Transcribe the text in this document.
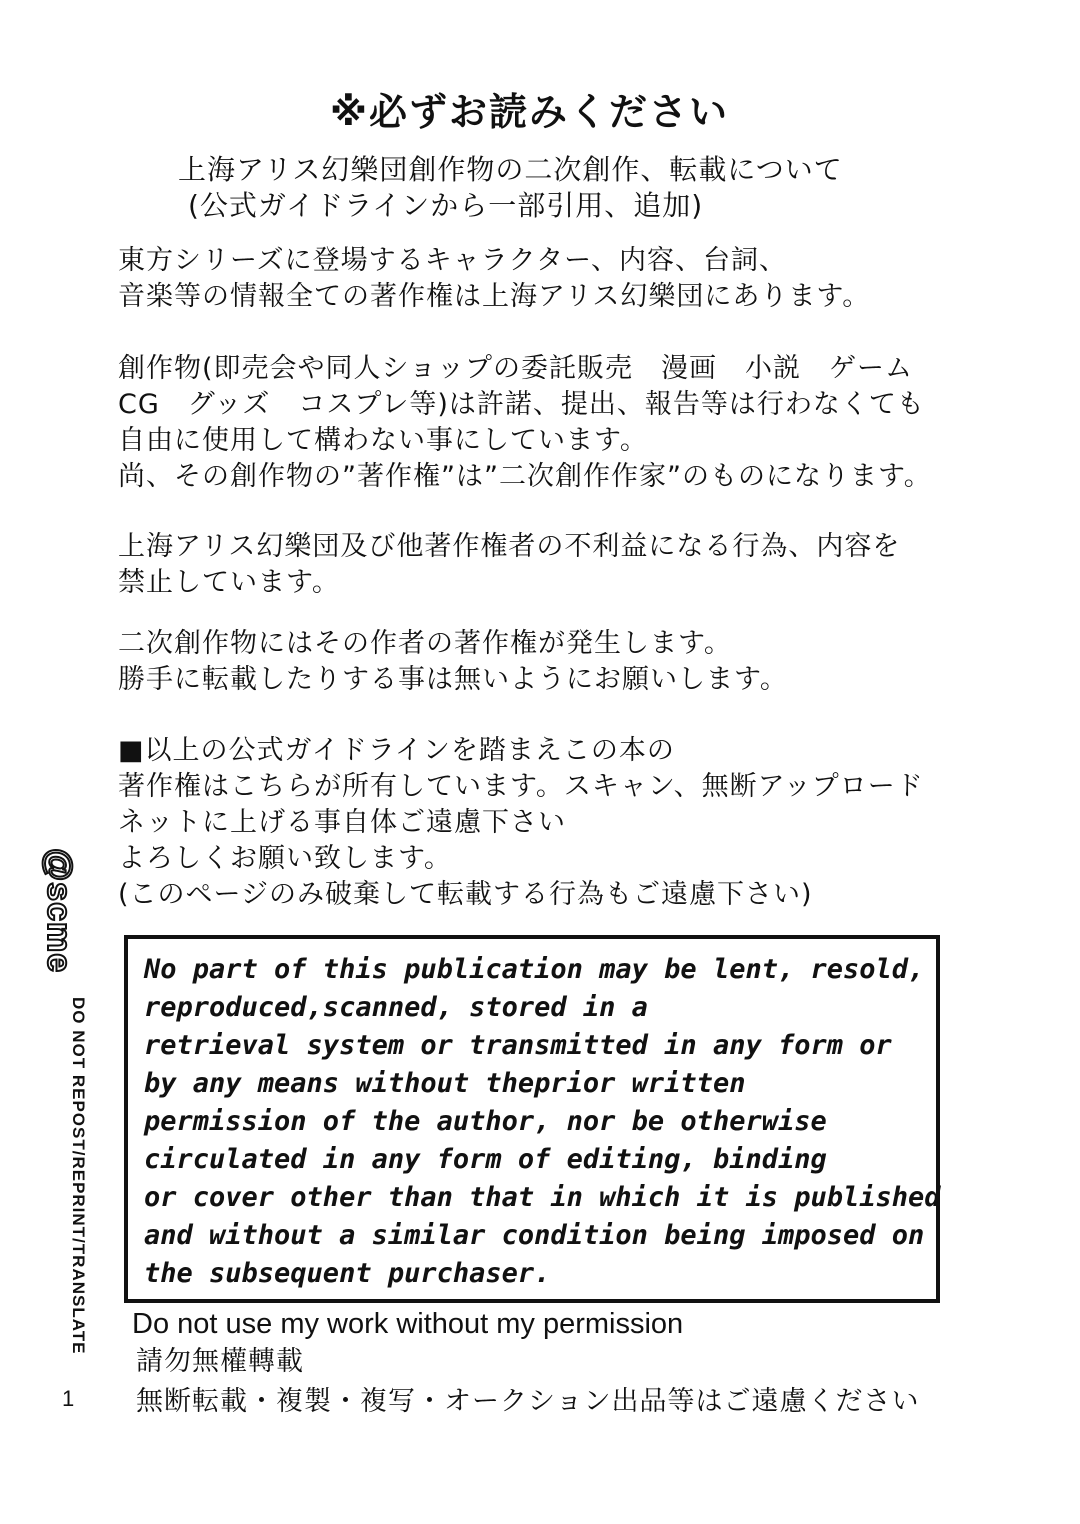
※必ずお読みください
上海アリス幻樂団創作物の二次創作、転載について
(公式ガイドラインから一部引用、追加)
東方シリーズに登場するキャラクター、内容、台詞、
音楽等の情報全ての著作権は上海アリス幻樂団にあります。
創作物(即売会や同人ショップの委託販売　漫画　小説　ゲーム
CG　グッズ　コスプレ等)は許諾、提出、報告等は行わなくても
自由に使用して構わない事にしています。
尚、その創作物の”著作権”は”二次創作作家”のものになります。
上海アリス幻樂団及び他著作権者の不利益になる行為、内容を
禁止しています。
二次創作物にはその作者の著作権が発生します。
勝手に転載したりする事は無いようにお願いします。
■以上の公式ガイドラインを踏まえこの本の
著作権はこちらが所有しています。スキャン、無断アップロード
ネットに上げる事自体ご遠慮下さい
よろしくお願い致します。
(このページのみ破棄して転載する行為もご遠慮下さい)
No part of this publication may be lent, resold,
reproduced,scanned, stored in a
retrieval system or transmitted in any form or
by any means without theprior written
permission of the author, nor be otherwise
circulated in any form of editing, binding
or cover other than that in which it is published
and without a similar condition being imposed on
the subsequent purchaser.
Do not use my work without my permission
請勿無權轉載
無断転載・複製・複写・オークション出品等はご遠慮ください
@scme
DO NOT REPOST/REPRINT/TRANSLATE
1
